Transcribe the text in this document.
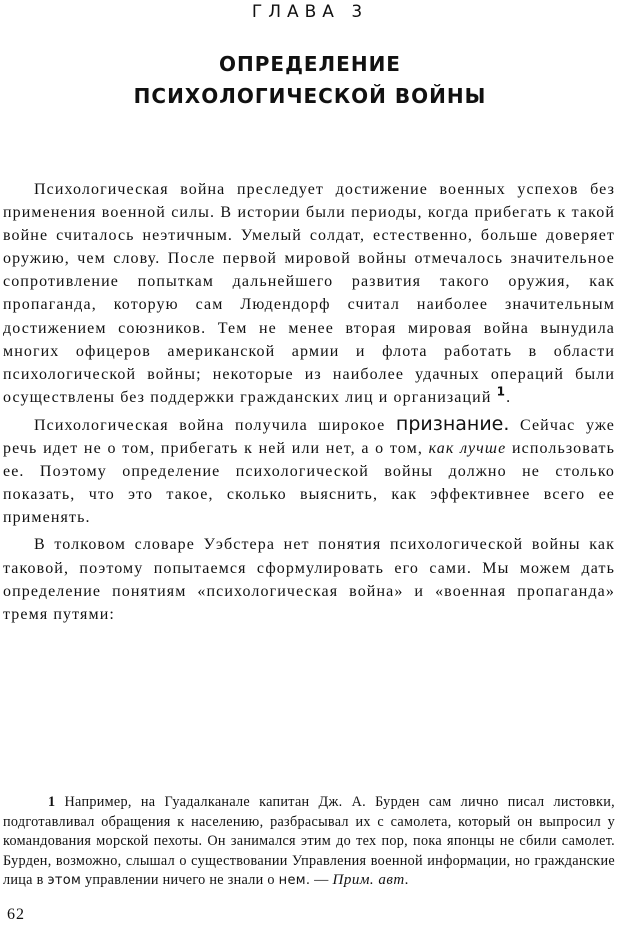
ГЛАВА 3
ОПРЕДЕЛЕНИЕ
ПСИХОЛОГИЧЕСКОЙ ВОЙНЫ

Психологическая война преследует достижение военных успехов без применения военной силы. В истории были периоды, когда прибегать к такой войне считалось неэтичным. Умелый солдат, естественно, больше доверяет оружию, чем слову. После первой мировой войны отмечалось значительное сопротивление попыткам дальнейшего развития такого оружия, как пропаганда, которую сам Людендорф считал наиболее значительным достижением союзников. Тем не менее вторая мировая война вынудила многих офицеров американской армии и флота работать в области психологической войны; некоторые из наиболее удачных операций были осуществлены без поддержки гражданских лиц и организаций $^1$.

Психологическая война получила широкое признание. Сейчас уже речь идет не о том, прибегать к ней или нет, а о том, как лучше использовать ее. Поэтому определение психологической войны должно не столько показать, что это такое, сколько выяснить, как эффективнее всего ее применять.

В толковом словаре Уэбстера нет понятия психологической войны как таковой, поэтому попытаемся сформулировать его сами. Мы можем дать определение понятиям «психологическая война» и «военная пропаганда» тремя путями:

1 Например, на Гуадалканале капитан Дж. А. Бурден сам лично писал листовки, подготавливал обращения к населению, разбрасывал их с самолета, который он выпросил у командования морской пехоты. Он занимался этим до тех пор, пока японцы не сбили самолет. Бурден, возможно, слышал о существовании Управления военной информации, но гражданские лица в этом управлении ничего не знали о нем. — Прим. авт.

62
